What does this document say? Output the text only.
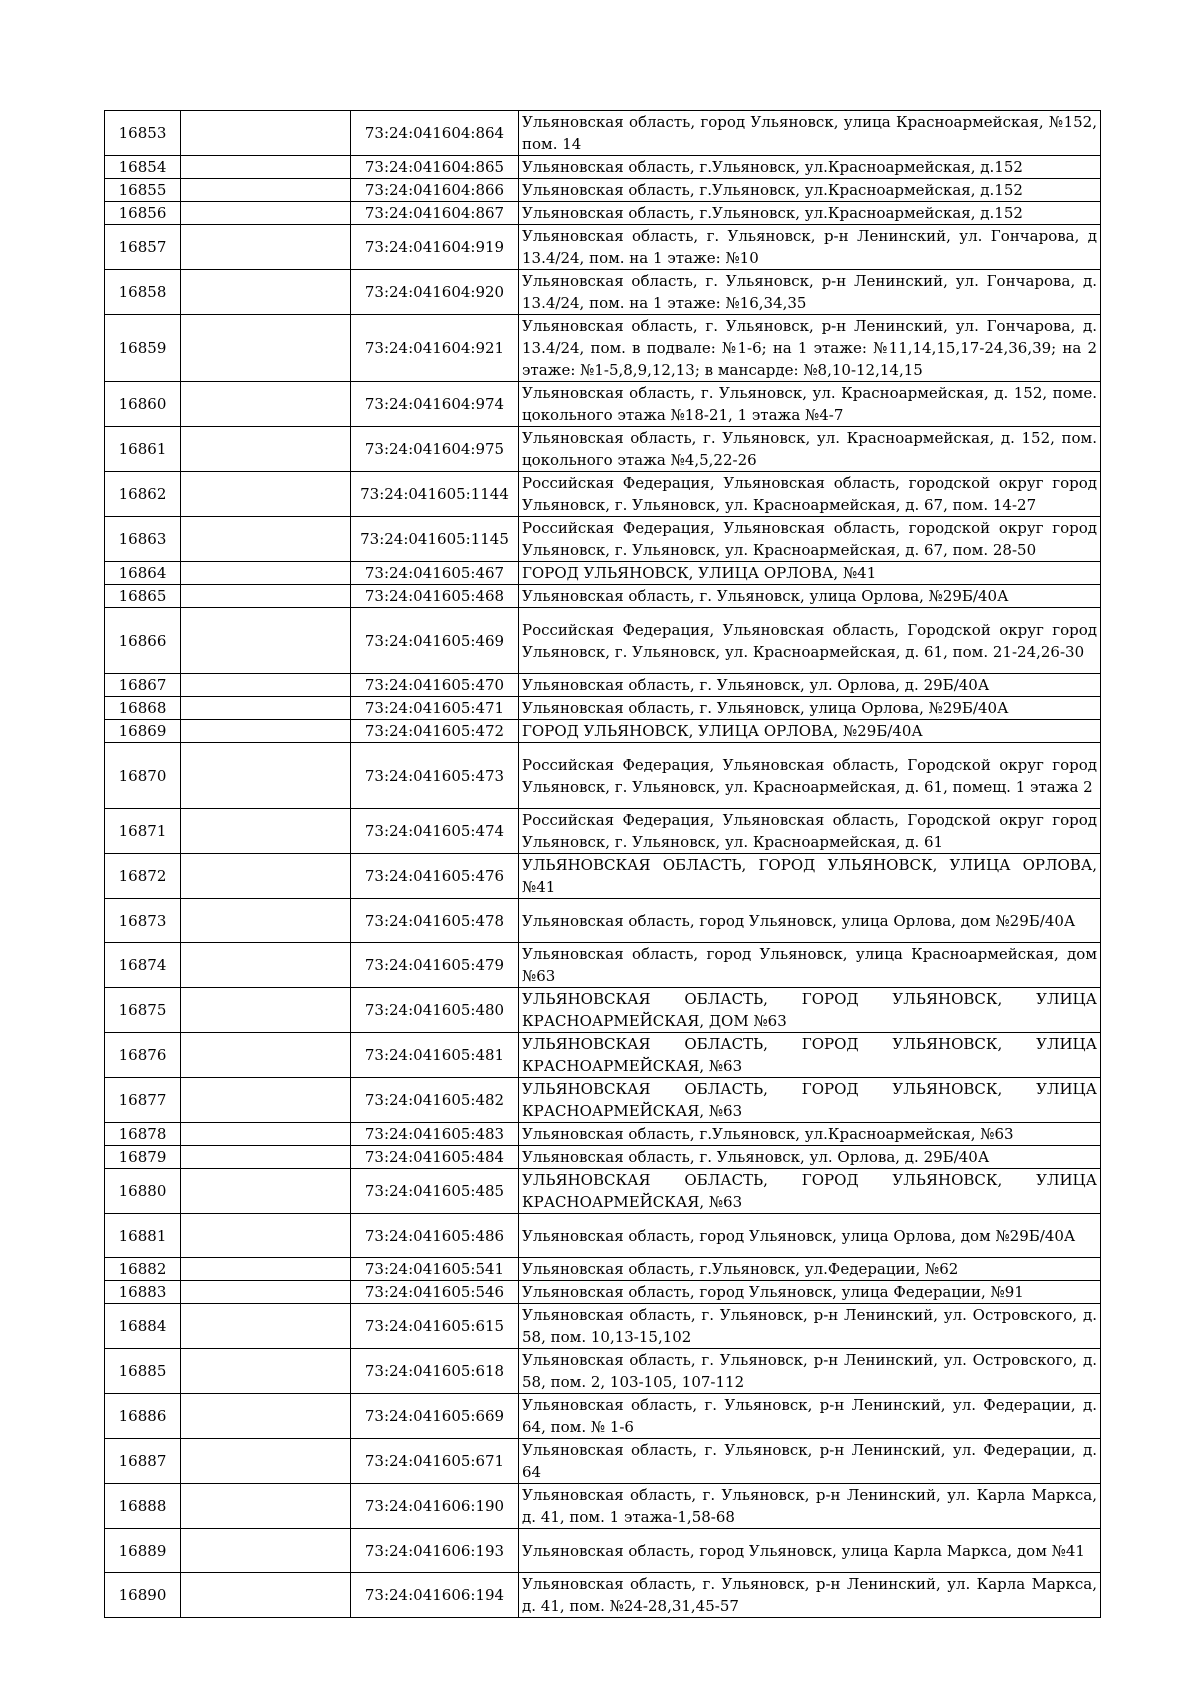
16853		73:24:041604:864	Ульяновская область, город Ульяновск, улица Красноармейская, №152, пом. 14
16854		73:24:041604:865	Ульяновская область, г.Ульяновск, ул.Красноармейская, д.152
16855		73:24:041604:866	Ульяновская область, г.Ульяновск, ул.Красноармейская, д.152
16856		73:24:041604:867	Ульяновская область, г.Ульяновск, ул.Красноармейская, д.152
16857		73:24:041604:919	Ульяновская область, г. Ульяновск, р-н Ленинский, ул. Гончарова, д 13.4/24, пом. на 1 этаже: №10
16858		73:24:041604:920	Ульяновская область, г. Ульяновск, р-н Ленинский, ул. Гончарова, д. 13.4/24, пом. на 1 этаже: №16,34,35
16859		73:24:041604:921	Ульяновская область, г. Ульяновск, р-н Ленинский, ул. Гончарова, д. 13.4/24, пом. в подвале: №1-6; на 1 этаже: №11,14,15,17-24,36,39; на 2 этаже: №1-5,8,9,12,13; в мансарде: №8,10-12,14,15
16860		73:24:041604:974	Ульяновская область, г. Ульяновск, ул. Красноармейская, д. 152, поме. цокольного этажа №18-21, 1 этажа №4-7
16861		73:24:041604:975	Ульяновская область, г. Ульяновск, ул. Красноармейская, д. 152, пом. цокольного этажа №4,5,22-26
16862		73:24:041605:1144	Российская Федерация, Ульяновская область, городской округ город Ульяновск, г. Ульяновск, ул. Красноармейская, д. 67, пом. 14-27
16863		73:24:041605:1145	Российская Федерация, Ульяновская область, городской округ город Ульяновск, г. Ульяновск, ул. Красноармейская, д. 67, пом. 28-50
16864		73:24:041605:467	ГОРОД УЛЬЯНОВСК, УЛИЦА ОРЛОВА, №41
16865		73:24:041605:468	Ульяновская область, г. Ульяновск, улица Орлова, №29Б/40А
16866		73:24:041605:469	Российская Федерация, Ульяновская область, Городской округ город Ульяновск, г. Ульяновск, ул. Красноармейская, д. 61, пом. 21-24,26-30
16867		73:24:041605:470	Ульяновская область, г. Ульяновск, ул. Орлова, д. 29Б/40А
16868		73:24:041605:471	Ульяновская область, г. Ульяновск, улица Орлова, №29Б/40А
16869		73:24:041605:472	ГОРОД УЛЬЯНОВСК, УЛИЦА ОРЛОВА, №29Б/40А
16870		73:24:041605:473	Российская Федерация, Ульяновская область, Городской округ город Ульяновск, г. Ульяновск, ул. Красноармейская, д. 61, помещ. 1 этажа 2
16871		73:24:041605:474	Российская Федерация, Ульяновская область, Городской округ город Ульяновск, г. Ульяновск, ул. Красноармейская, д. 61
16872		73:24:041605:476	УЛЬЯНОВСКАЯ ОБЛАСТЬ, ГОРОД УЛЬЯНОВСК, УЛИЦА ОРЛОВА, №41
16873		73:24:041605:478	Ульяновская область, город Ульяновск, улица Орлова, дом №29Б/40А
16874		73:24:041605:479	Ульяновская область, город Ульяновск, улица Красноармейская, дом №63
16875		73:24:041605:480	УЛЬЯНОВСКАЯ ОБЛАСТЬ, ГОРОД УЛЬЯНОВСК, УЛИЦА КРАСНОАРМЕЙСКАЯ, ДОМ №63
16876		73:24:041605:481	УЛЬЯНОВСКАЯ ОБЛАСТЬ, ГОРОД УЛЬЯНОВСК, УЛИЦА КРАСНОАРМЕЙСКАЯ, №63
16877		73:24:041605:482	УЛЬЯНОВСКАЯ ОБЛАСТЬ, ГОРОД УЛЬЯНОВСК, УЛИЦА КРАСНОАРМЕЙСКАЯ, №63
16878		73:24:041605:483	Ульяновская область, г.Ульяновск, ул.Красноармейская, №63
16879		73:24:041605:484	Ульяновская область, г. Ульяновск, ул. Орлова, д. 29Б/40А
16880		73:24:041605:485	УЛЬЯНОВСКАЯ ОБЛАСТЬ, ГОРОД УЛЬЯНОВСК, УЛИЦА КРАСНОАРМЕЙСКАЯ, №63
16881		73:24:041605:486	Ульяновская область, город Ульяновск, улица Орлова, дом №29Б/40А
16882		73:24:041605:541	Ульяновская область, г.Ульяновск, ул.Федерации, №62
16883		73:24:041605:546	Ульяновская область, город Ульяновск, улица Федерации, №91
16884		73:24:041605:615	Ульяновская область, г. Ульяновск, р-н Ленинский, ул. Островского, д. 58, пом. 10,13-15,102
16885		73:24:041605:618	Ульяновская область, г. Ульяновск, р-н Ленинский, ул. Островского, д. 58, пом. 2, 103-105, 107-112
16886		73:24:041605:669	Ульяновская область, г. Ульяновск, р-н Ленинский, ул. Федерации, д. 64, пом. № 1-6
16887		73:24:041605:671	Ульяновская область, г. Ульяновск, р-н Ленинский, ул. Федерации, д. 64
16888		73:24:041606:190	Ульяновская область, г. Ульяновск, р-н Ленинский, ул. Карла Маркса, д. 41, пом. 1 этажа-1,58-68
16889		73:24:041606:193	Ульяновская область, город Ульяновск, улица Карла Маркса, дом №41
16890		73:24:041606:194	Ульяновская область, г. Ульяновск, р-н Ленинский, ул. Карла Маркса, д. 41, пом. №24-28,31,45-57
